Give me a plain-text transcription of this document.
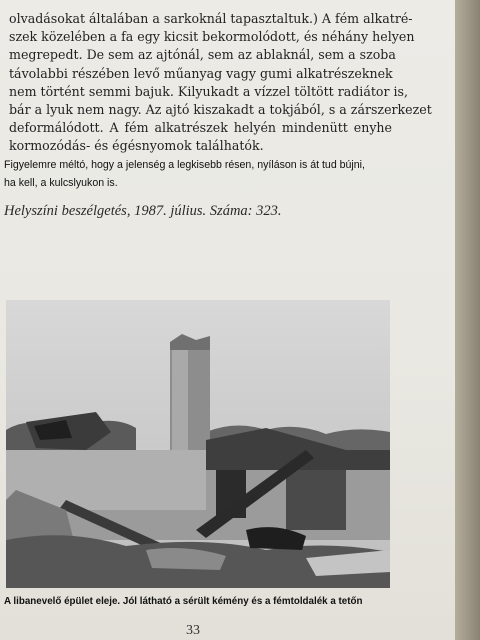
olvadásokat általában a sarkoknál tapasztaltuk.) A fém alkatré-
szek közelében a fa egy kicsit bekormolódott, és néhány helyen
megrepedt. De sem az ajtónál, sem az ablaknál, sem a szoba
távolabbi részében levő műanyag vagy gumi alkatrészeknek
nem történt semmi bajuk. Kilyukadt a vízzel töltött radiátor is,
bár a lyuk nem nagy. Az ajtó kiszakadt a tokjából, s a zárszerkezet
deformálódott. A fém alkatrészek helyén mindenütt enyhe
kormozódás- és égésnyomok találhatók.
Figyelemre méltó, hogy a jelenség a legkisebb résen, nyíláson is át tud bújni,
ha kell, a kulcslyukon is.
Helyszíni beszélgetés, 1987. július. Száma: 323.
A libanevelő épület eleje. Jól látható a sérült kémény és a fémtoldalék a tetőn
33
